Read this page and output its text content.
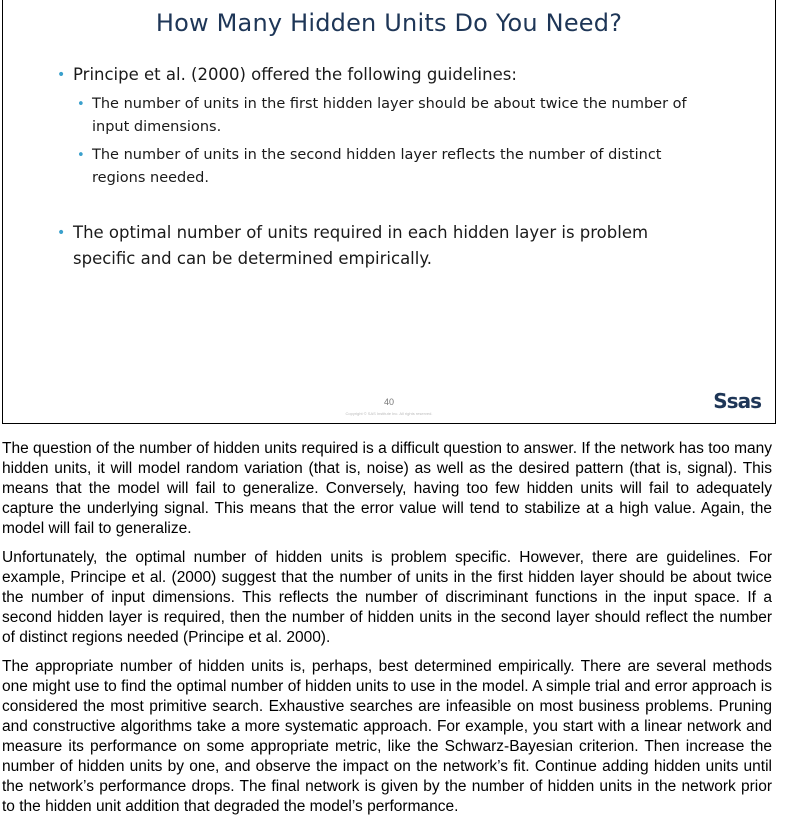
How Many Hidden Units Do You Need?
• Principe et al. (2000) offered the following guidelines:
• The number of units in the first hidden layer should be about twice the number of input dimensions.
• The number of units in the second hidden layer reflects the number of distinct regions needed.
• The optimal number of units required in each hidden layer is problem specific and can be determined empirically.
40
Copyright © SAS Institute Inc. All rights reserved.
Ssas

The question of the number of hidden units required is a difficult question to answer. If the network has too many hidden units, it will model random variation (that is, noise) as well as the desired pattern (that is, signal). This means that the model will fail to generalize. Conversely, having too few hidden units will fail to adequately capture the underlying signal. This means that the error value will tend to stabilize at a high value. Again, the model will fail to generalize.

Unfortunately, the optimal number of hidden units is problem specific. However, there are guidelines. For example, Principe et al. (2000) suggest that the number of units in the first hidden layer should be about twice the number of input dimensions. This reflects the number of discriminant functions in the input space. If a second hidden layer is required, then the number of hidden units in the second layer should reflect the number of distinct regions needed (Principe et al. 2000).

The appropriate number of hidden units is, perhaps, best determined empirically. There are several methods one might use to find the optimal number of hidden units to use in the model. A simple trial and error approach is considered the most primitive search. Exhaustive searches are infeasible on most business problems. Pruning and constructive algorithms take a more systematic approach. For example, you start with a linear network and measure its performance on some appropriate metric, like the Schwarz-Bayesian criterion. Then increase the number of hidden units by one, and observe the impact on the network’s fit. Continue adding hidden units until the network’s performance drops. The final network is given by the number of hidden units in the network prior to the hidden unit addition that degraded the model’s performance.
